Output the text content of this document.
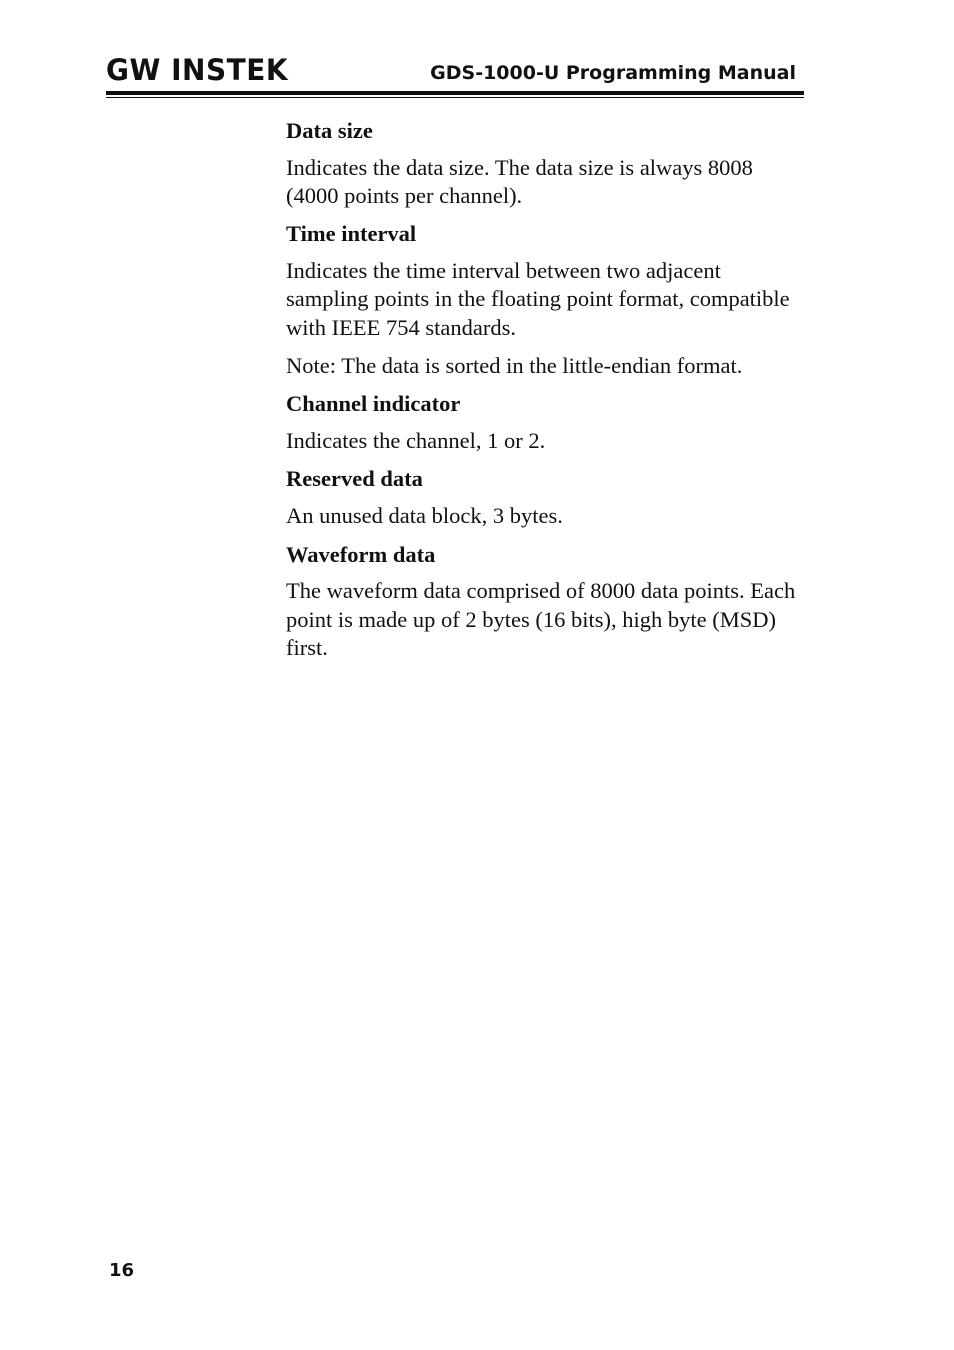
GW INSTEK	GDS-1000-U Programming Manual
Data size
Indicates the data size. The data size is always 8008 (4000 points per channel).
Time interval
Indicates the time interval between two adjacent sampling points in the floating point format, compatible with IEEE 754 standards.
Note: The data is sorted in the little-endian format.
Channel indicator
Indicates the channel, 1 or 2.
Reserved data
An unused data block, 3 bytes.
Waveform data
The waveform data comprised of 8000 data points. Each point is made up of 2 bytes (16 bits), high byte (MSD) first.
16
